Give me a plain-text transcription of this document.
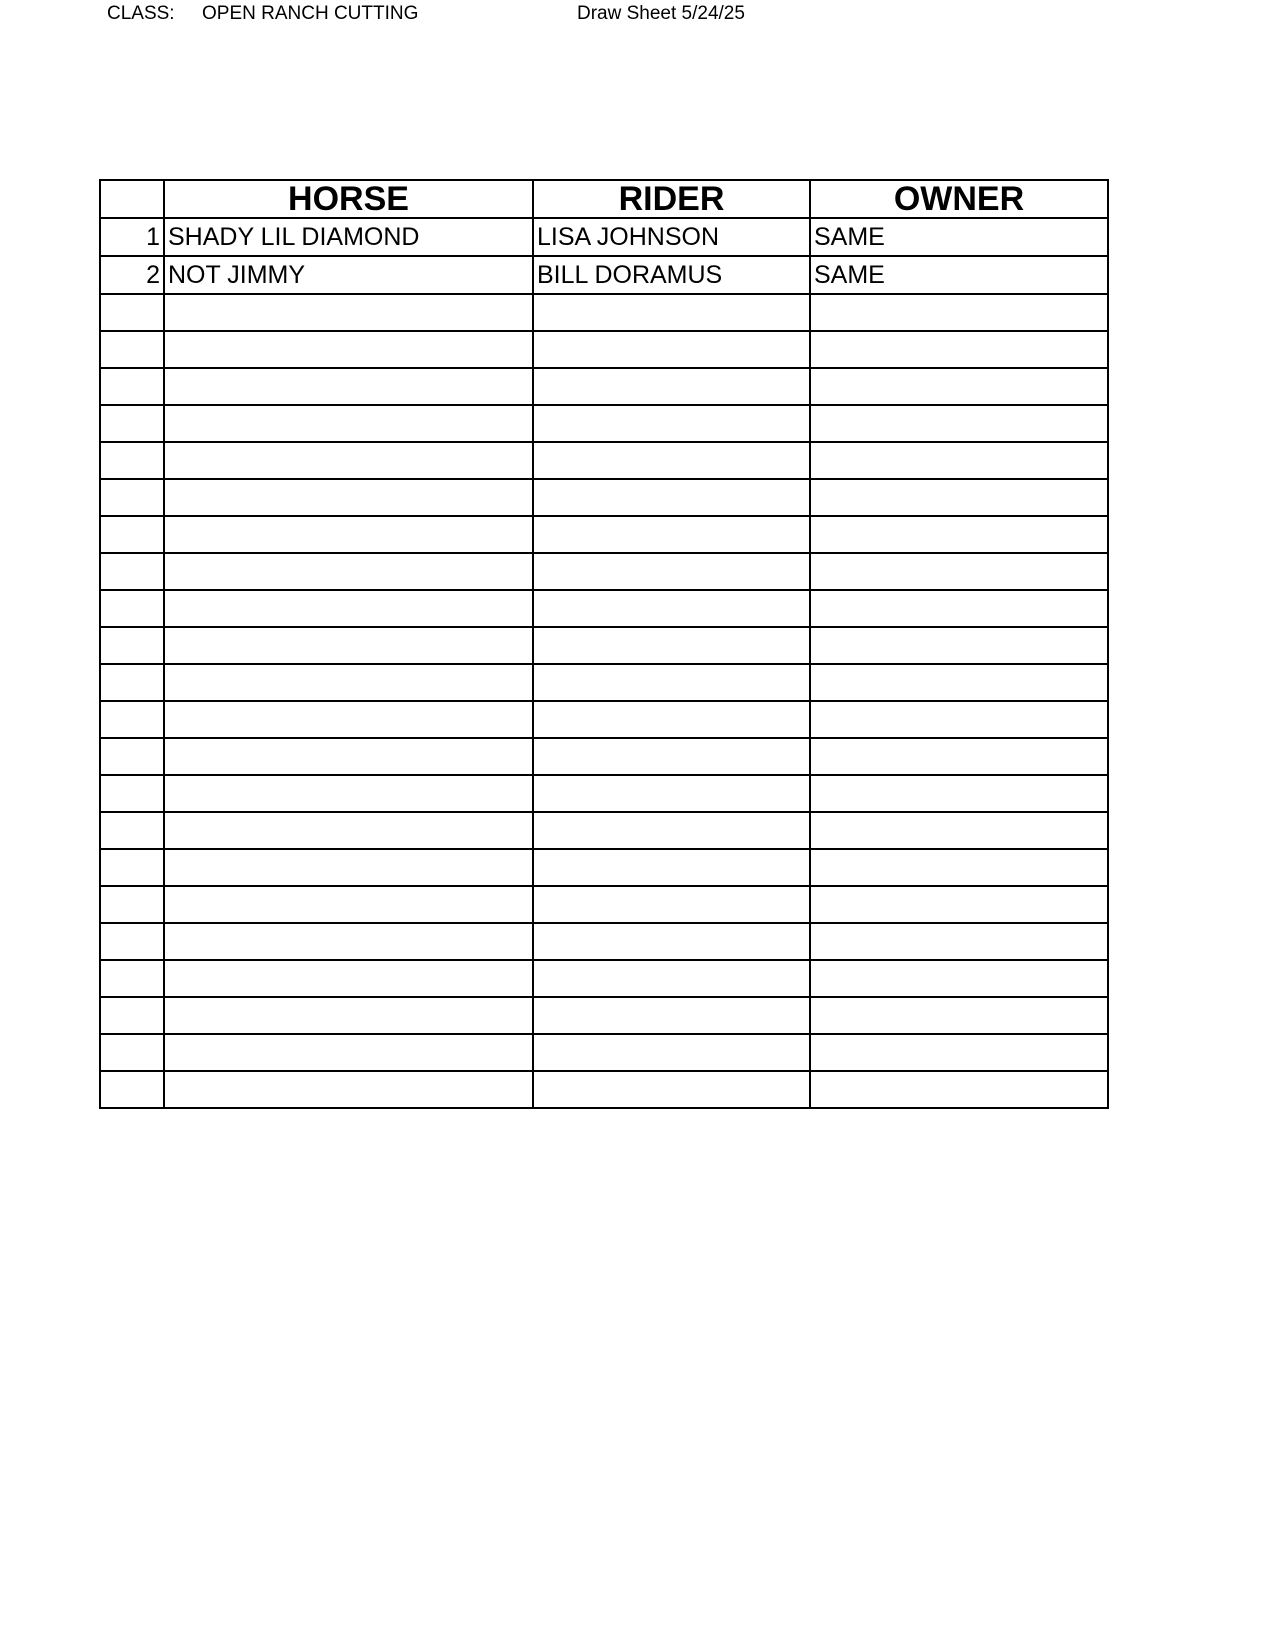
CLASS: OPEN RANCH CUTTING	Draw Sheet 5/24/25
	HORSE	RIDER	OWNER
1	SHADY LIL DIAMOND	LISA JOHNSON	SAME
2	NOT JIMMY	BILL DORAMUS	SAME
